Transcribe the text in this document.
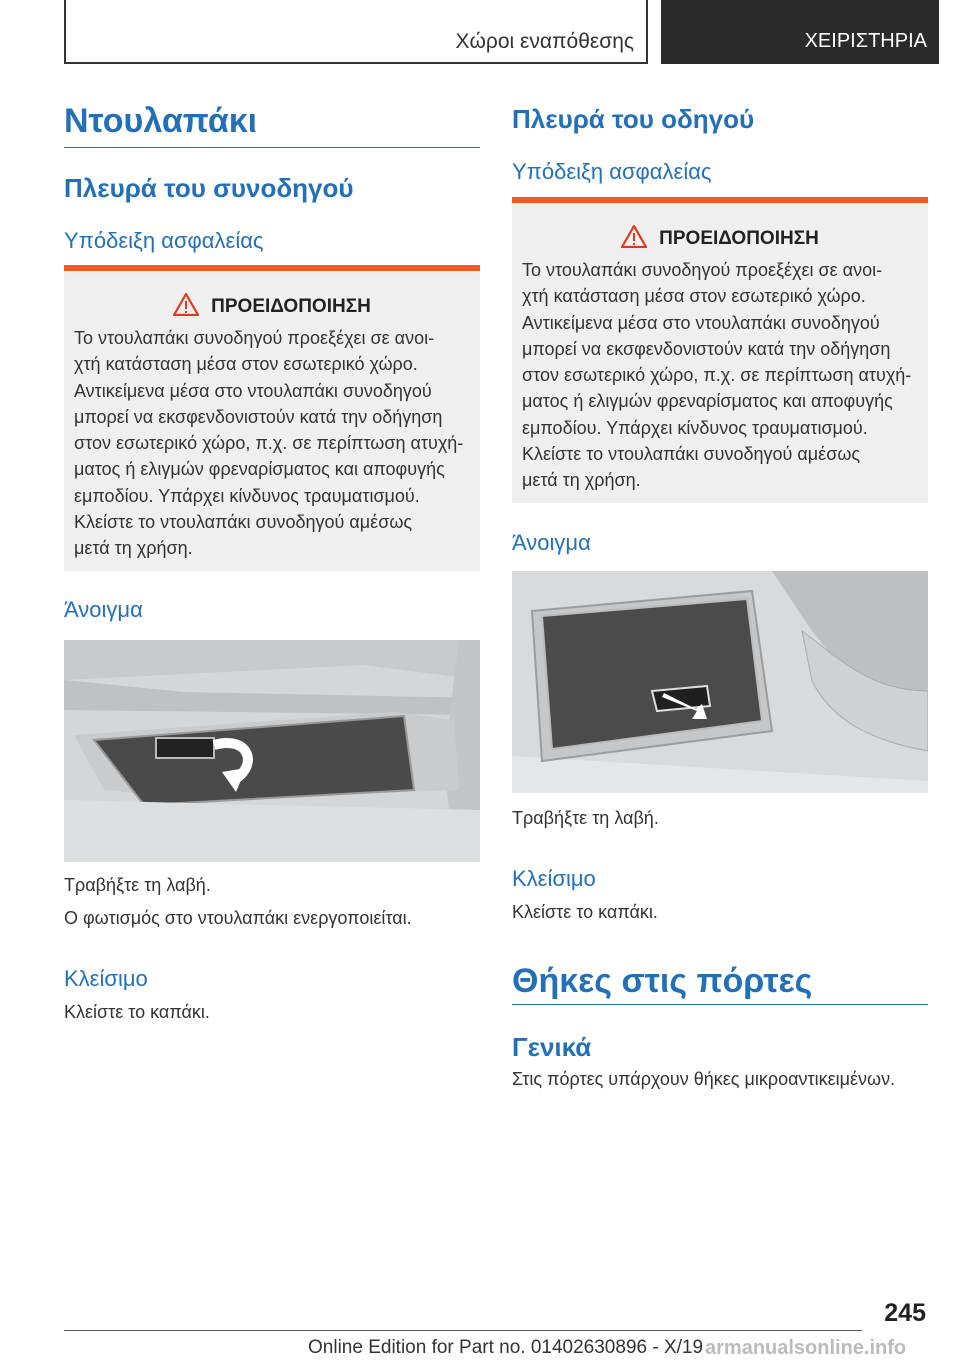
Χώροι εναπόθεσης	ΧΕΙΡΙΣΤΗΡΙΑ
Ντουλαπάκι
Πλευρά του συνοδηγού
Υπόδειξη ασφαλείας
ΠΡΟΕΙΔΟΠΟΙΗΣΗ
Το ντουλαπάκι συνοδηγού προεξέχει σε ανοι-
χτή κατάσταση μέσα στον εσωτερικό χώρο.
Αντικείμενα μέσα στο ντουλαπάκι συνοδηγού
μπορεί να εκσφενδονιστούν κατά την οδήγηση
στον εσωτερικό χώρο, π.χ. σε περίπτωση ατυχή-
ματος ή ελιγμών φρεναρίσματος και αποφυγής
εμποδίου. Υπάρχει κίνδυνος τραυματισμού.
Κλείστε το ντουλαπάκι συνοδηγού αμέσως
μετά τη χρήση.
Άνοιγμα
Τραβήξτε τη λαβή.
Ο φωτισμός στο ντουλαπάκι ενεργοποιείται.
Κλείσιμο
Κλείστε το καπάκι.
Πλευρά του οδηγού
Υπόδειξη ασφαλείας
ΠΡΟΕΙΔΟΠΟΙΗΣΗ
Το ντουλαπάκι συνοδηγού προεξέχει σε ανοι-
χτή κατάσταση μέσα στον εσωτερικό χώρο.
Αντικείμενα μέσα στο ντουλαπάκι συνοδηγού
μπορεί να εκσφενδονιστούν κατά την οδήγηση
στον εσωτερικό χώρο, π.χ. σε περίπτωση ατυχή-
ματος ή ελιγμών φρεναρίσματος και αποφυγής
εμποδίου. Υπάρχει κίνδυνος τραυματισμού.
Κλείστε το ντουλαπάκι συνοδηγού αμέσως
μετά τη χρήση.
Άνοιγμα
Τραβήξτε τη λαβή.
Κλείσιμο
Κλείστε το καπάκι.
Θήκες στις πόρτες
Γενικά
Στις πόρτες υπάρχουν θήκες μικροαντικειμένων.
245
Online Edition for Part no. 01402630896 - X/19 armanualsonline.info
